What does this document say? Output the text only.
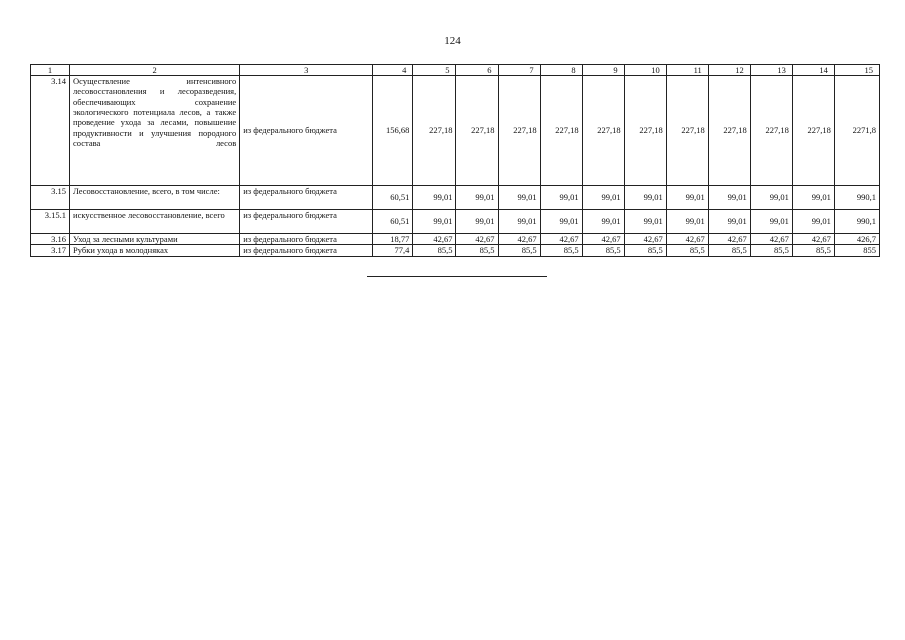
124
1	2	3	4	5	6	7	8	9	10	11	12	13	14	15
3.14	Осуществление интенсивного лесовосстановления и лесоразведения, обеспечивающих сохранение экологического потенциала лесов, а также проведение ухода за лесами, повышение продуктивности и улучшения породного состава лесов	из федерального бюджета	156,68	227,18	227,18	227,18	227,18	227,18	227,18	227,18	227,18	227,18	227,18	2271,8
3.15	Лесовосстановление, всего, в том числе:	из федерального бюджета	60,51	99,01	99,01	99,01	99,01	99,01	99,01	99,01	99,01	99,01	99,01	990,1
3.15.1	искусственное лесовосстановление, всего	из федерального бюджета	60,51	99,01	99,01	99,01	99,01	99,01	99,01	99,01	99,01	99,01	99,01	990,1
3.16	Уход за лесными культурами	из федерального бюджета	18,77	42,67	42,67	42,67	42,67	42,67	42,67	42,67	42,67	42,67	42,67	426,7
3.17	Рубки ухода в молодняках	из федерального бюджета	77,4	85,5	85,5	85,5	85,5	85,5	85,5	85,5	85,5	85,5	85,5	855
